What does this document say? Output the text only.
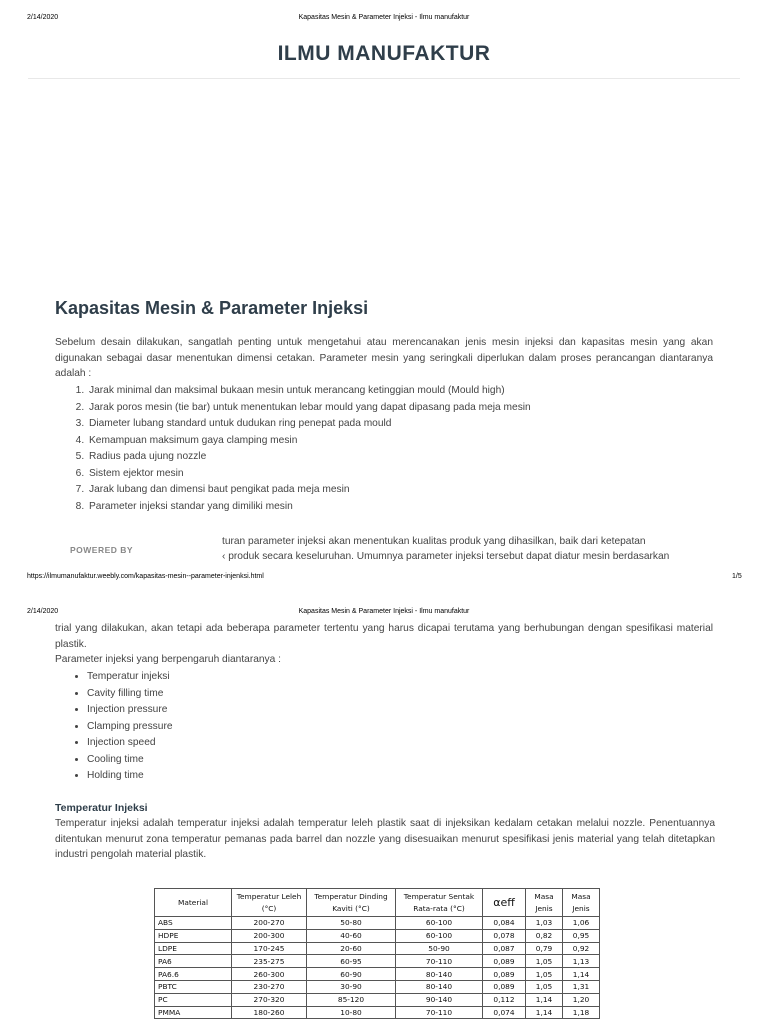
2/14/2020	Kapasitas Mesin & Parameter Injeksi - Ilmu manufaktur
ILMU MANUFAKTUR
Kapasitas Mesin & Parameter Injeksi

Sebelum desain dilakukan, sangatlah penting untuk mengetahui atau merencanakan jenis mesin injeksi dan kapasitas mesin yang akan digunakan sebagai dasar menentukan dimensi cetakan. Parameter mesin yang seringkali diperlukan dalam proses perancangan diantaranya adalah :

1. Jarak minimal dan maksimal bukaan mesin untuk merancang ketinggian mould (Mould high)
2. Jarak poros mesin (tie bar) untuk menentukan lebar mould yang dapat dipasang pada meja mesin
3. Diameter lubang standard untuk dudukan ring penepat pada mould
4. Kemampuan maksimum gaya clamping mesin
5. Radius pada ujung nozzle
6. Sistem ejektor mesin
7. Jarak lubang dan dimensi baut pengikat pada meja mesin
8. Parameter injeksi standar yang dimiliki mesin
turan parameter injeksi akan menentukan kualitas produk yang dihasilkan, baik dari ketepatan
‹ produk secara keseluruhan. Umumnya parameter injeksi tersebut dapat diatur mesin berdasarkan
POWERED BY
https://ilmumanufaktur.weebly.com/kapasitas-mesin--parameter-injenksi.html	1/5
2/14/2020	Kapasitas Mesin & Parameter Injeksi - Ilmu manufaktur

trial yang dilakukan, akan tetapi ada beberapa parameter tertentu yang harus dicapai terutama yang berhubungan dengan spesifikasi material plastik.

Parameter injeksi yang berpengaruh diantaranya :

• Temperatur injeksi
• Cavity filling time
• Injection pressure
• Clamping pressure
• Injection speed
• Cooling time
• Holding time
Temperatur Injeksi

Temperatur injeksi adalah temperatur injeksi adalah temperatur leleh plastik saat di injeksikan kedalam cetakan melalui nozzle. Penentuannya ditentukan menurut zona temperatur pemanas pada barrel dan nozzle yang disesuaikan menurut spesifikasi jenis material yang telah ditetapkan industri pengolah material plastik.

Material	Temperatur Leleh (°C)	Temperatur Dinding Kaviti (°C)	Temperatur Sentak Rata-rata (°C)	αeff	Masa Jenis	Masa Jenis
ABS	200-270	50-80	60-100	0,084	1,03	1,06
HDPE	200-300	40-60	60-100	0,078	0,82	0,95
LDPE	170-245	20-60	50-90	0,087	0,79	0,92
PA6	235-275	60-95	70-110	0,089	1,05	1,13
PA6.6	260-300	60-90	80-140	0,089	1,05	1,14
PBTC	230-270	30-90	80-140	0,089	1,05	1,31
PC	270-320	85-120	90-140	0,112	1,14	1,20
PMMA	180-260	10-80	70-110	0,074	1,14	1,18
